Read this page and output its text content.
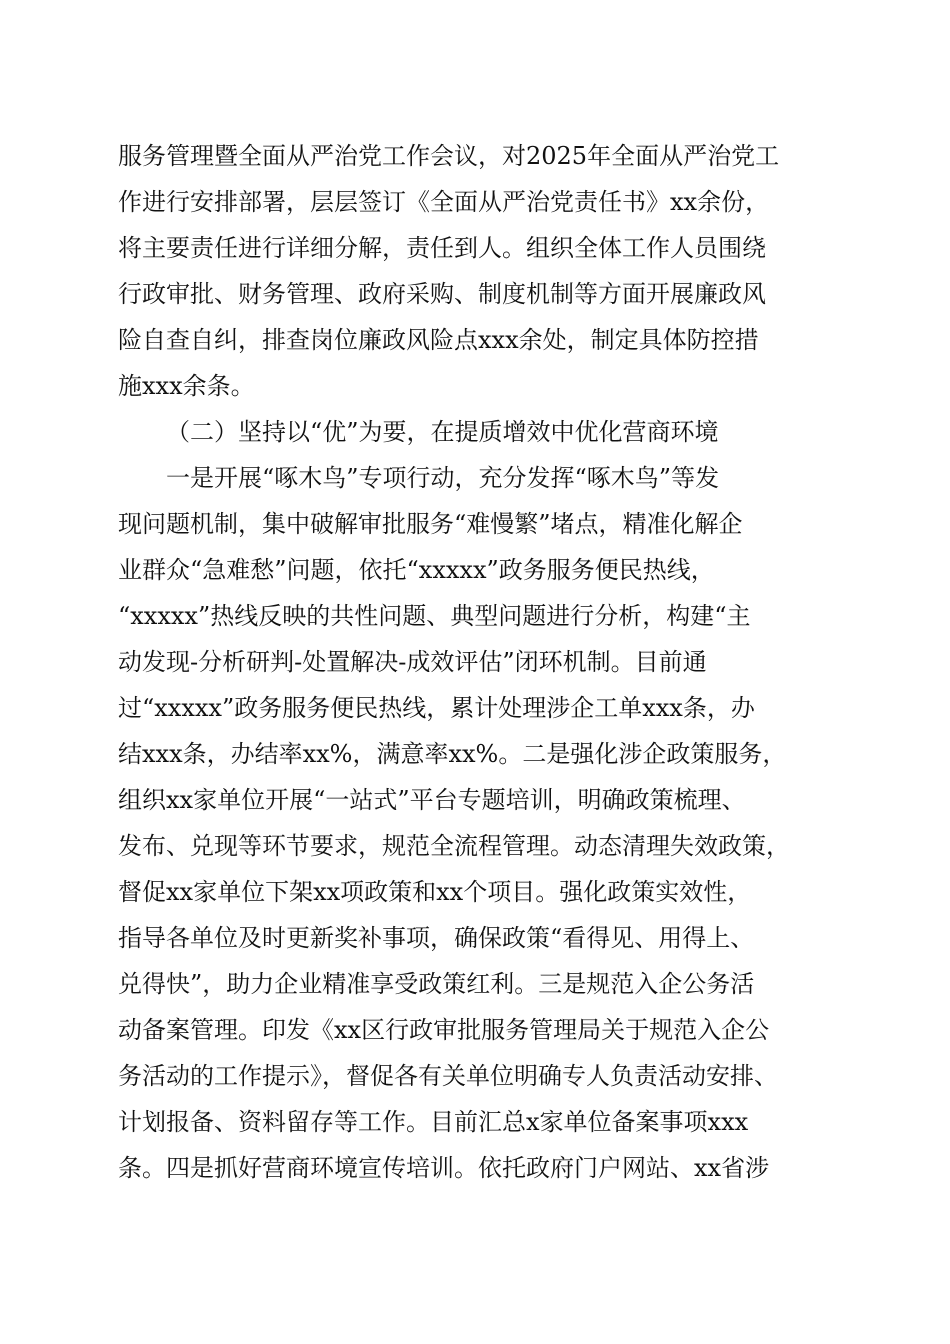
服务管理暨全面从严治党工作会议，对2025年全面从严治党工
作进行安排部署，层层签订《全面从严治党责任书》xx余份，
将主要责任进行详细分解，责任到人。组织全体工作人员围绕
行政审批、财务管理、政府采购、制度机制等方面开展廉政风
险自查自纠，排查岗位廉政风险点xxx余处，制定具体防控措
施xxx余条。
（二）坚持以“优”为要，在提质增效中优化营商环境
一是开展“啄木鸟”专项行动，充分发挥“啄木鸟”等发
现问题机制，集中破解审批服务“难慢繁”堵点，精准化解企
业群众“急难愁”问题，依托“xxxxx”政务服务便民热线，
“xxxxx”热线反映的共性问题、典型问题进行分析，构建“主
动发现-分析研判-处置解决-成效评估”闭环机制。目前通
过“xxxxx”政务服务便民热线，累计处理涉企工单xxx条，办
结xxx条，办结率xx%，满意率xx%。二是强化涉企政策服务，
组织xx家单位开展“一站式”平台专题培训，明确政策梳理、
发布、兑现等环节要求，规范全流程管理。动态清理失效政策，
督促xx家单位下架xx项政策和xx个项目。强化政策实效性，
指导各单位及时更新奖补事项，确保政策“看得见、用得上、
兑得快”，助力企业精准享受政策红利。三是规范入企公务活
动备案管理。印发《xx区行政审批服务管理局关于规范入企公
务活动的工作提示》，督促各有关单位明确专人负责活动安排、
计划报备、资料留存等工作。目前汇总x家单位备案事项xxx
条。四是抓好营商环境宣传培训。依托政府门户网站、xx省涉
